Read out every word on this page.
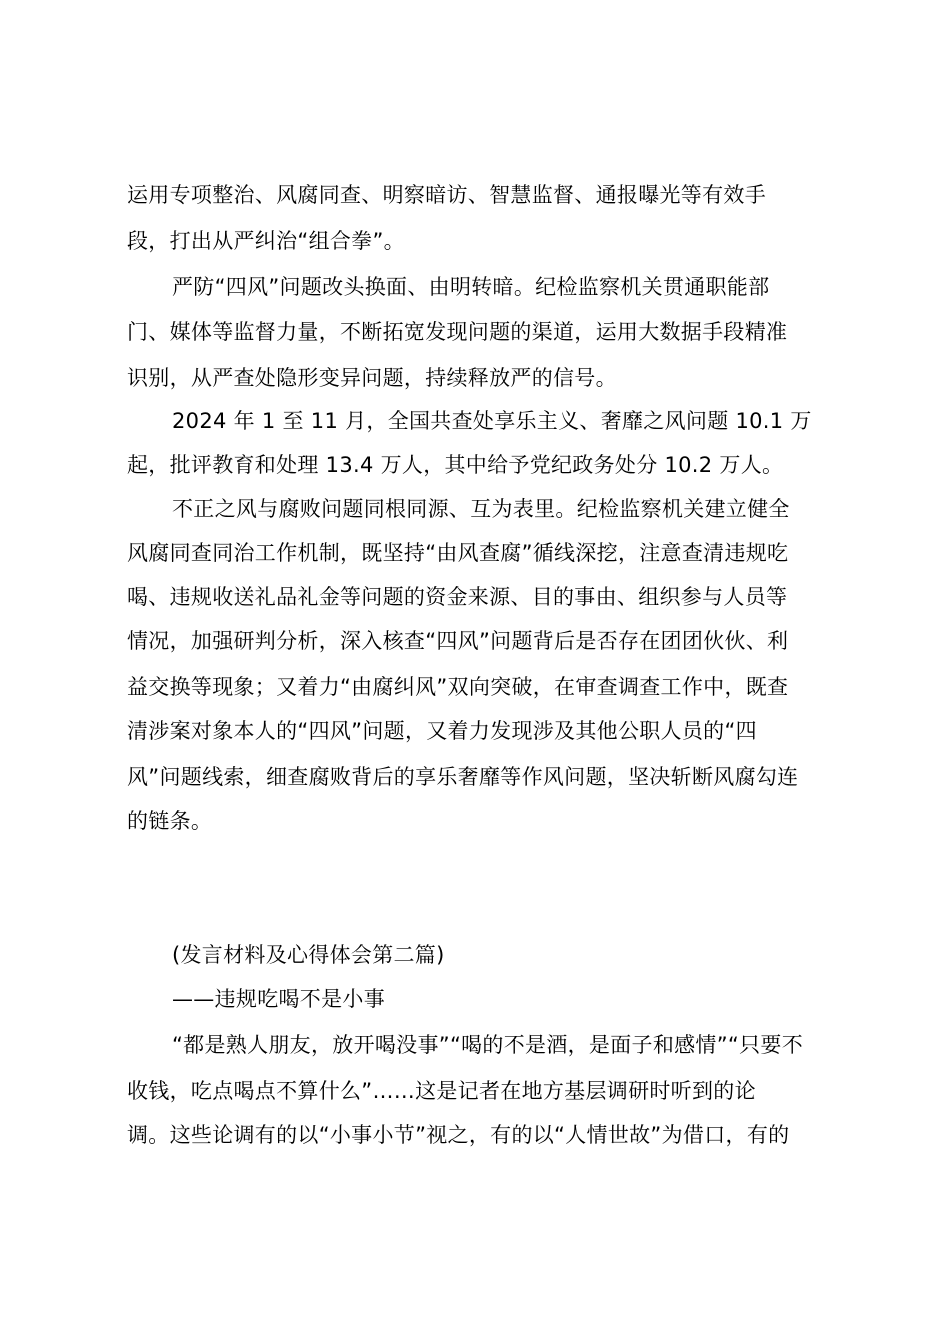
运用专项整治、风腐同查、明察暗访、智慧监督、通报曝光等有效手
段，打出从严纠治“组合拳”。
严防“四风”问题改头换面、由明转暗。纪检监察机关贯通职能部
门、媒体等监督力量，不断拓宽发现问题的渠道，运用大数据手段精准
识别，从严查处隐形变异问题，持续释放严的信号。
2024 年 1 至 11 月，全国共查处享乐主义、奢靡之风问题 10.1 万
起，批评教育和处理 13.4 万人，其中给予党纪政务处分 10.2 万人。
不正之风与腐败问题同根同源、互为表里。纪检监察机关建立健全
风腐同查同治工作机制，既坚持“由风查腐”循线深挖，注意查清违规吃
喝、违规收送礼品礼金等问题的资金来源、目的事由、组织参与人员等
情况，加强研判分析，深入核查“四风”问题背后是否存在团团伙伙、利
益交换等现象；又着力“由腐纠风”双向突破，在审查调查工作中，既查
清涉案对象本人的“四风”问题，又着力发现涉及其他公职人员的“四
风”问题线索，细查腐败背后的享乐奢靡等作风问题，坚决斩断风腐勾连
的链条。
(发言材料及心得体会第二篇)
——违规吃喝不是小事
“都是熟人朋友，放开喝没事”“喝的不是酒，是面子和感情”“只要不
收钱，吃点喝点不算什么”……这是记者在地方基层调研时听到的论
调。这些论调有的以“小事小节”视之，有的以“人情世故”为借口，有的
